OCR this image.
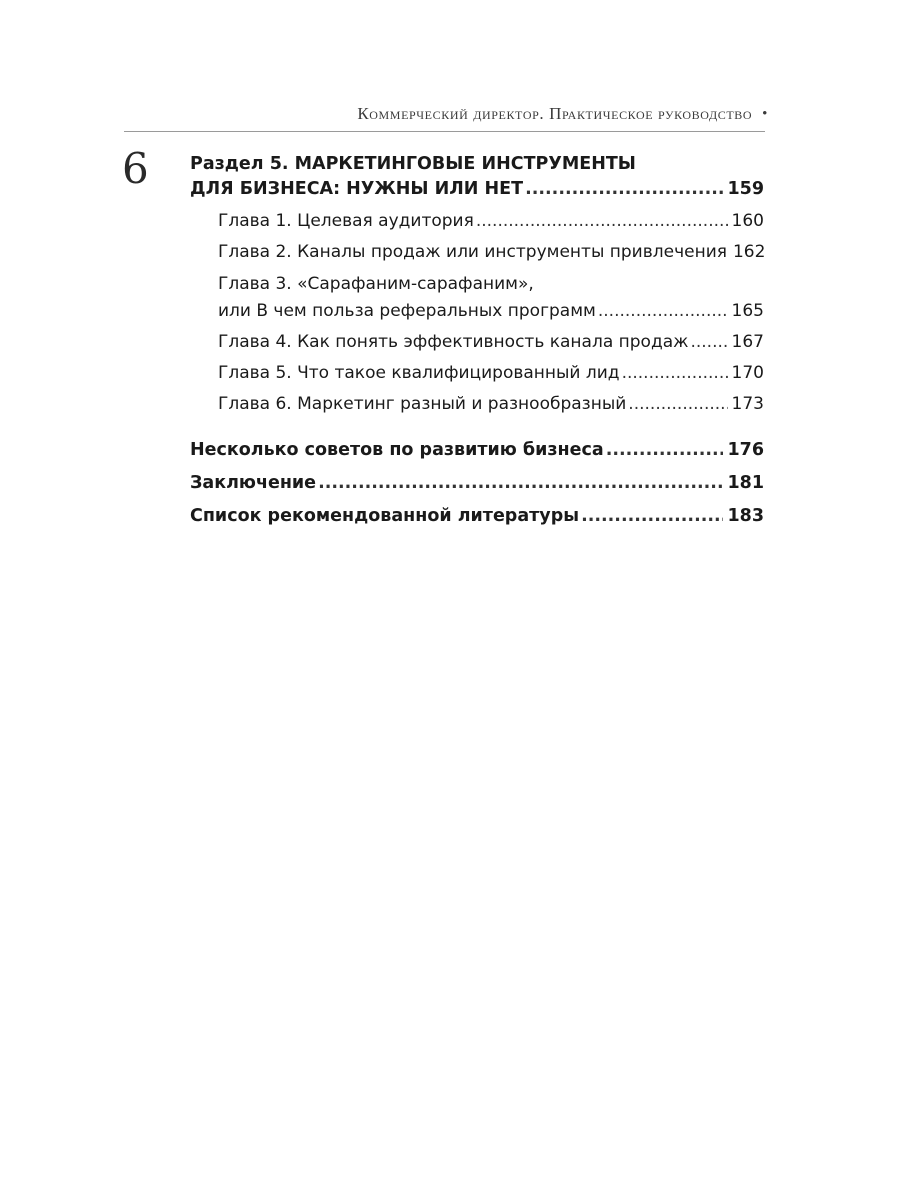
Коммерческий директор. Практическое руководство •
6 Раздел 5. МАРКЕТИНГОВЫЕ ИНСТРУМЕНТЫ
ДЛЯ БИЗНЕСА: НУЖНЫ ИЛИ НЕТ .....	159
Глава 1. Целевая аудитория .....	160
Глава 2. Каналы продаж или инструменты привлечения 162
Глава 3. «Сарафаним-сарафаним»,
или В чем польза реферальных программ .....	165
Глава 4. Как понять эффективность канала продаж .....	167
Глава 5. Что такое квалифицированный лид .....	170
Глава 6. Маркетинг разный и разнообразный .....	173
Несколько советов по развитию бизнеса .....	176
Заключение .....	181
Список рекомендованной литературы .....	183
